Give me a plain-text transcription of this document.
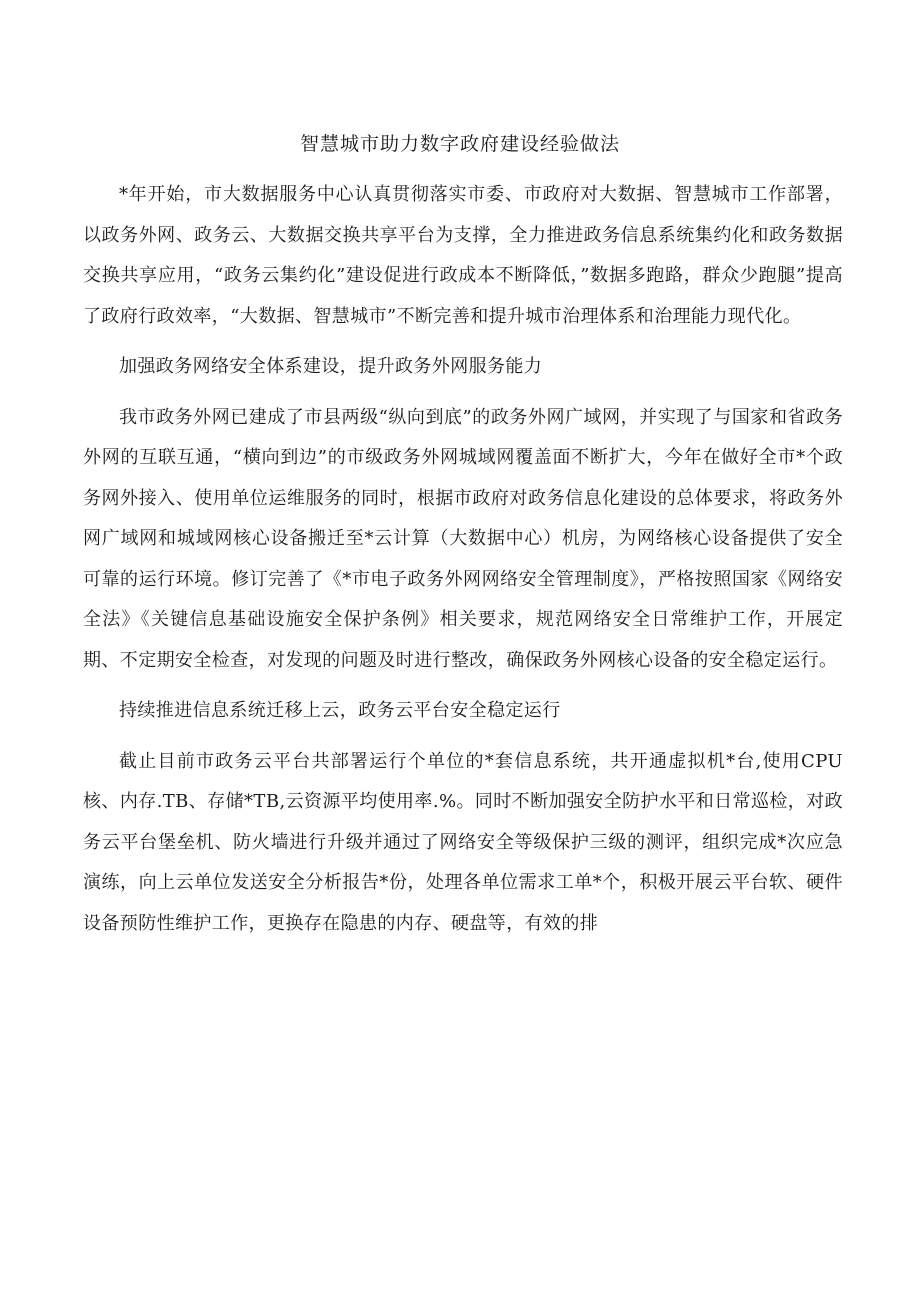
智慧城市助力数字政府建设经验做法

*年开始，市大数据服务中心认真贯彻落实市委、市政府对大数据、智慧城市工作部署，以政务外网、政务云、大数据交换共享平台为支撑，全力推进政务信息系统集约化和政务数据交换共享应用，“政务云集约化”建设促进行政成本不断降低，”数据多跑路，群众少跑腿”提高了政府行政效率，“大数据、智慧城市”不断完善和提升城市治理体系和治理能力现代化。

加强政务网络安全体系建设，提升政务外网服务能力

我市政务外网已建成了市县两级“纵向到底”的政务外网广域网，并实现了与国家和省政务外网的互联互通，“横向到边”的市级政务外网城域网覆盖面不断扩大，今年在做好全市*个政务网外接入、使用单位运维服务的同时，根据市政府对政务信息化建设的总体要求，将政务外网广域网和城域网核心设备搬迁至*云计算（大数据中心）机房，为网络核心设备提供了安全可靠的运行环境。修订完善了《*市电子政务外网网络安全管理制度》，严格按照国家《网络安全法》《关键信息基础设施安全保护条例》相关要求，规范网络安全日常维护工作，开展定期、不定期安全检查，对发现的问题及时进行整改，确保政务外网核心设备的安全稳定运行。

持续推进信息系统迁移上云，政务云平台安全稳定运行

截止目前市政务云平台共部署运行个单位的*套信息系统，共开通虚拟机*台,使用CPU核、内存.TB、存储*TB,云资源平均使用率.%。同时不断加强安全防护水平和日常巡检，对政务云平台堡垒机、防火墙进行升级并通过了网络安全等级保护三级的测评，组织完成*次应急演练，向上云单位发送安全分析报告*份，处理各单位需求工单*个，积极开展云平台软、硬件设备预防性维护工作，更换存在隐患的内存、硬盘等，有效的排
